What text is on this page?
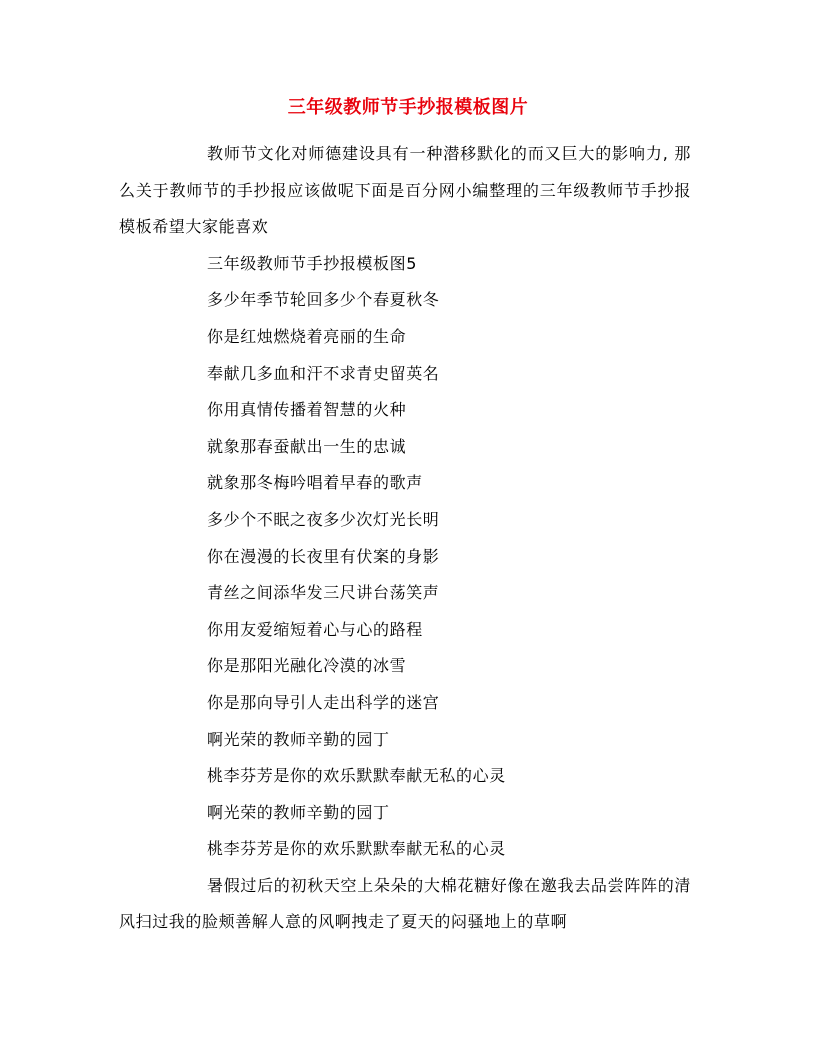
三年级教师节手抄报模板图片

教师节文化对师德建设具有一种潜移默化的而又巨大的影响力, 那么关于教师节的手抄报应该做呢下面是百分网小编整理的三年级教师节手抄报模板希望大家能喜欢

三年级教师节手抄报模板图5

多少年季节轮回多少个春夏秋冬

你是红烛燃烧着亮丽的生命

奉献几多血和汗不求青史留英名

你用真情传播着智慧的火种

就象那春蚕献出一生的忠诚

就象那冬梅吟唱着早春的歌声

多少个不眠之夜多少次灯光长明

你在漫漫的长夜里有伏案的身影

青丝之间添华发三尺讲台荡笑声

你用友爱缩短着心与心的路程

你是那阳光融化冷漠的冰雪

你是那向导引人走出科学的迷宫

啊光荣的教师辛勤的园丁

桃李芬芳是你的欢乐默默奉献无私的心灵

啊光荣的教师辛勤的园丁

桃李芬芳是你的欢乐默默奉献无私的心灵

暑假过后的初秋天空上朵朵的大棉花糖好像在邀我去品尝阵阵的清风扫过我的脸颊善解人意的风啊拽走了夏天的闷骚地上的草啊
